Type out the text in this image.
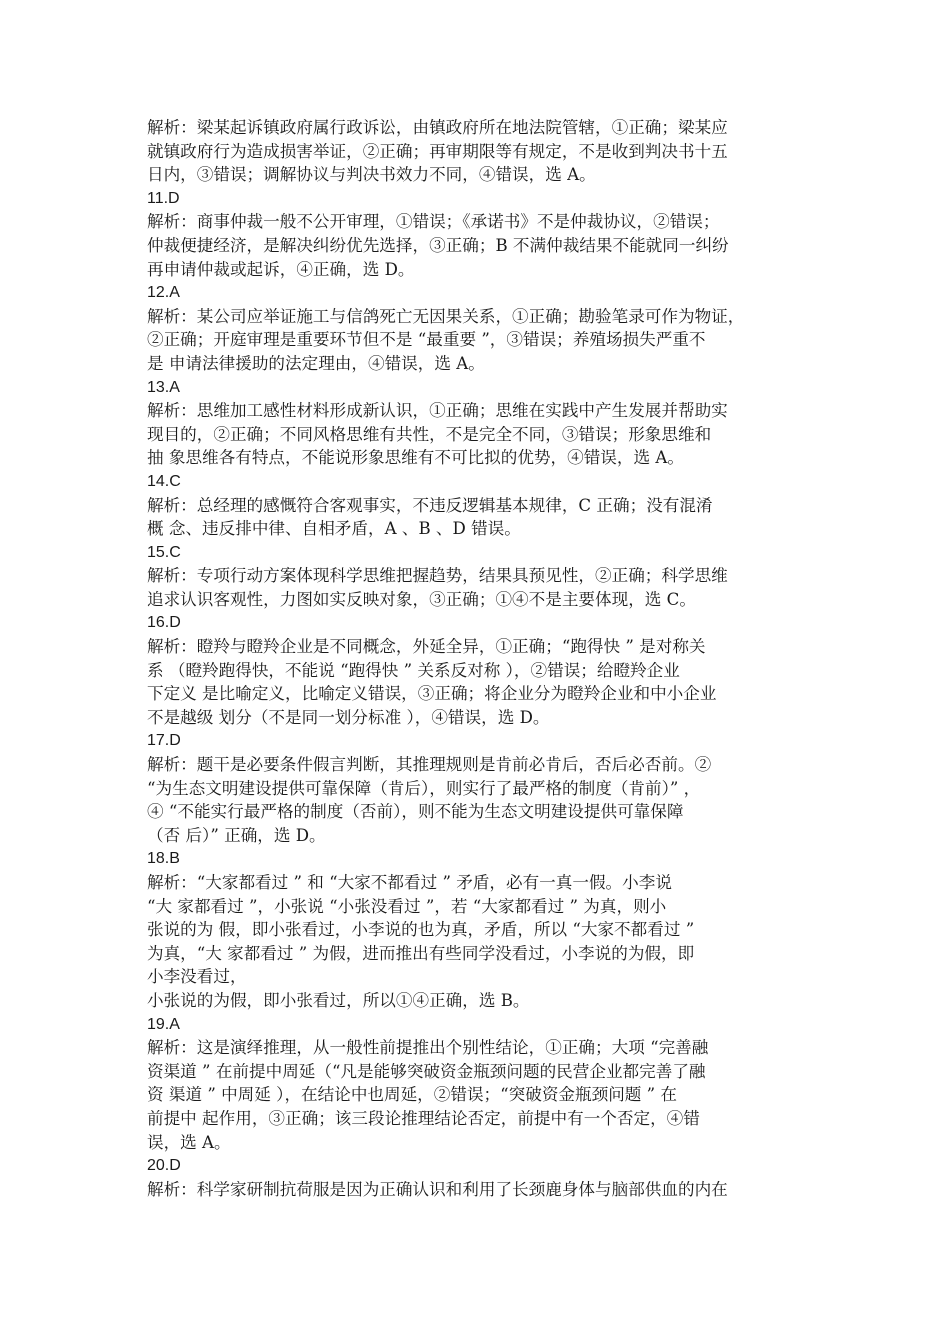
解析：梁某起诉镇政府属行政诉讼，由镇政府所在地法院管辖，①正确；梁某应
就镇政府行为造成损害举证，②正确；再审期限等有规定，不是收到判决书十五
日内，③错误；调解协议与判决书效力不同，④错误，选 A。
11.D
解析：商事仲裁一般不公开审理，①错误；《承诺书》不是仲裁协议，②错误；
仲裁便捷经济，是解决纠纷优先选择，③正确；B 不满仲裁结果不能就同一纠纷
再申请仲裁或起诉，④正确，选 D。
12.A
解析：某公司应举证施工与信鸽死亡无因果关系，①正确；勘验笔录可作为物证，
②正确；开庭审理是重要环节但不是 “最重要 ”，③错误；养殖场损失严重不
是 申请法律援助的法定理由，④错误，选 A。
13.A
解析：思维加工感性材料形成新认识，①正确；思维在实践中产生发展并帮助实
现目的，②正确；不同风格思维有共性，不是完全不同，③错误；形象思维和
抽 象思维各有特点，不能说形象思维有不可比拟的优势，④错误，选 A。
14.C
解析：总经理的感慨符合客观事实，不违反逻辑基本规律，C 正确；没有混淆
概 念、违反排中律、自相矛盾，A 、B 、D 错误。
15.C
解析：专项行动方案体现科学思维把握趋势，结果具预见性，②正确；科学思维
追求认识客观性，力图如实反映对象，③正确；①④不是主要体现，选 C。
16.D
解析：瞪羚与瞪羚企业是不同概念，外延全异，①正确；“跑得快 ” 是对称关
系 （瞪羚跑得快，不能说 “跑得快 ” 关系反对称 ），②错误；给瞪羚企业
下定义 是比喻定义，比喻定义错误，③正确；将企业分为瞪羚企业和中小企业
不是越级 划分（不是同一划分标准 ），④错误，选 D。
17.D
解析：题干是必要条件假言判断，其推理规则是肯前必肯后，否后必否前。②
“为生态文明建设提供可靠保障（肯后），则实行了最严格的制度（肯前）” ，
④ “不能实行最严格的制度（否前），则不能为生态文明建设提供可靠保障
（否 后）” 正确，选 D。
18.B
解析：“大家都看过 ” 和 “大家不都看过 ” 矛盾，必有一真一假。小李说
“大 家都看过 ”，小张说 “小张没看过 ”，若 “大家都看过 ” 为真，则小
张说的为 假，即小张看过，小李说的也为真，矛盾，所以 “大家不都看过 ”
为真，“大 家都看过 ” 为假，进而推出有些同学没看过，小李说的为假，即
小李没看过，
小张说的为假，即小张看过，所以①④正确，选 B。
19.A
解析：这是演绎推理，从一般性前提推出个别性结论，①正确；大项 “完善融
资渠道 ” 在前提中周延（“凡是能够突破资金瓶颈问题的民营企业都完善了融
资 渠道 ” 中周延 ），在结论中也周延，②错误；“突破资金瓶颈问题 ” 在
前提中 起作用，③正确；该三段论推理结论否定，前提中有一个否定，④错
误，选 A。
20.D
解析：科学家研制抗荷服是因为正确认识和利用了长颈鹿身体与脑部供血的内在
